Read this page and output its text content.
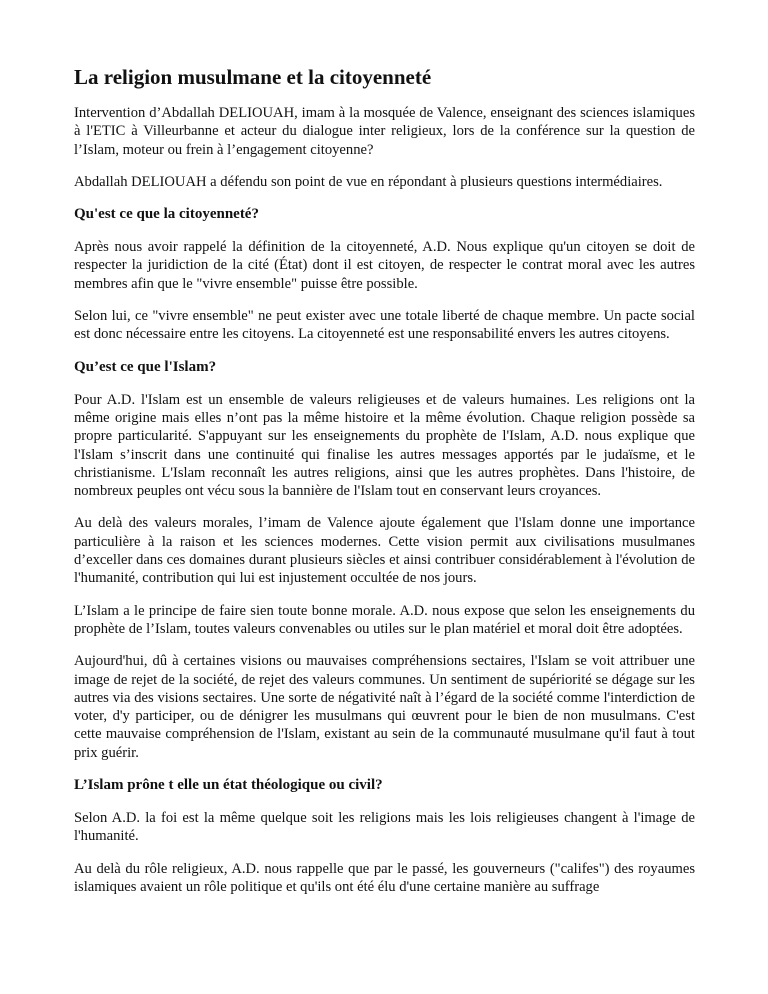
La religion musulmane et la citoyenneté

Intervention d’Abdallah DELIOUAH, imam à la mosquée de Valence, enseignant des sciences islamiques à l'ETIC à Villeurbanne et acteur du dialogue inter religieux, lors de la conférence sur la question de l’Islam, moteur ou frein à l’engagement citoyenne?

Abdallah DELIOUAH a défendu son point de vue en répondant à plusieurs questions intermédiaires.

Qu'est ce que la citoyenneté?

Après nous avoir rappelé la définition de la citoyenneté, A.D. Nous explique qu'un citoyen se doit de respecter la juridiction de la cité (État) dont il est citoyen, de respecter le contrat moral avec les autres membres afin que le "vivre ensemble" puisse être possible.

Selon lui, ce "vivre ensemble" ne peut exister avec une totale liberté de chaque membre. Un pacte social est donc nécessaire entre les citoyens. La citoyenneté est une responsabilité envers les autres citoyens.

Qu’est ce que l'Islam?

Pour A.D. l'Islam est un ensemble de valeurs religieuses et de valeurs humaines. Les religions ont la même origine mais elles n’ont pas la même histoire et la même évolution. Chaque religion possède sa propre particularité. S'appuyant sur les enseignements du prophète de l'Islam, A.D. nous explique que l'Islam s’inscrit dans une continuité qui finalise les autres messages apportés par le judaïsme, et le christianisme. L'Islam reconnaît les autres religions, ainsi que les autres prophètes. Dans l'histoire, de nombreux peuples ont vécu sous la bannière de l'Islam tout en conservant leurs croyances.

Au delà des valeurs morales, l’imam de Valence ajoute également que l'Islam donne une importance particulière à la raison et les sciences modernes. Cette vision permit aux civilisations musulmanes d’exceller dans ces domaines durant plusieurs siècles et ainsi contribuer considérablement à l'évolution de l'humanité, contribution qui lui est injustement occultée de nos jours.

L’Islam a le principe de faire sien toute bonne morale. A.D. nous expose que selon les enseignements du prophète de l’Islam, toutes valeurs convenables ou utiles sur le plan matériel et moral doit être adoptées.

Aujourd'hui, dû à certaines visions ou mauvaises compréhensions sectaires, l'Islam se voit attribuer une image de rejet de la société, de rejet des valeurs communes. Un sentiment de supériorité se dégage sur les autres via des visions sectaires. Une sorte de négativité naît à l’égard de la société comme l'interdiction de voter, d'y participer, ou de dénigrer les musulmans qui œuvrent pour le bien de non musulmans. C'est cette mauvaise compréhension de l'Islam, existant au sein de la communauté musulmane qu'il faut à tout prix guérir.

L’Islam prône t elle un état théologique ou civil?

Selon A.D. la foi est la même quelque soit les religions mais les lois religieuses changent à l'image de l'humanité.

Au delà du rôle religieux, A.D. nous rappelle que par le passé, les gouverneurs ("califes") des royaumes islamiques avaient un rôle politique et qu'ils ont été élu d'une certaine manière au suffrage
